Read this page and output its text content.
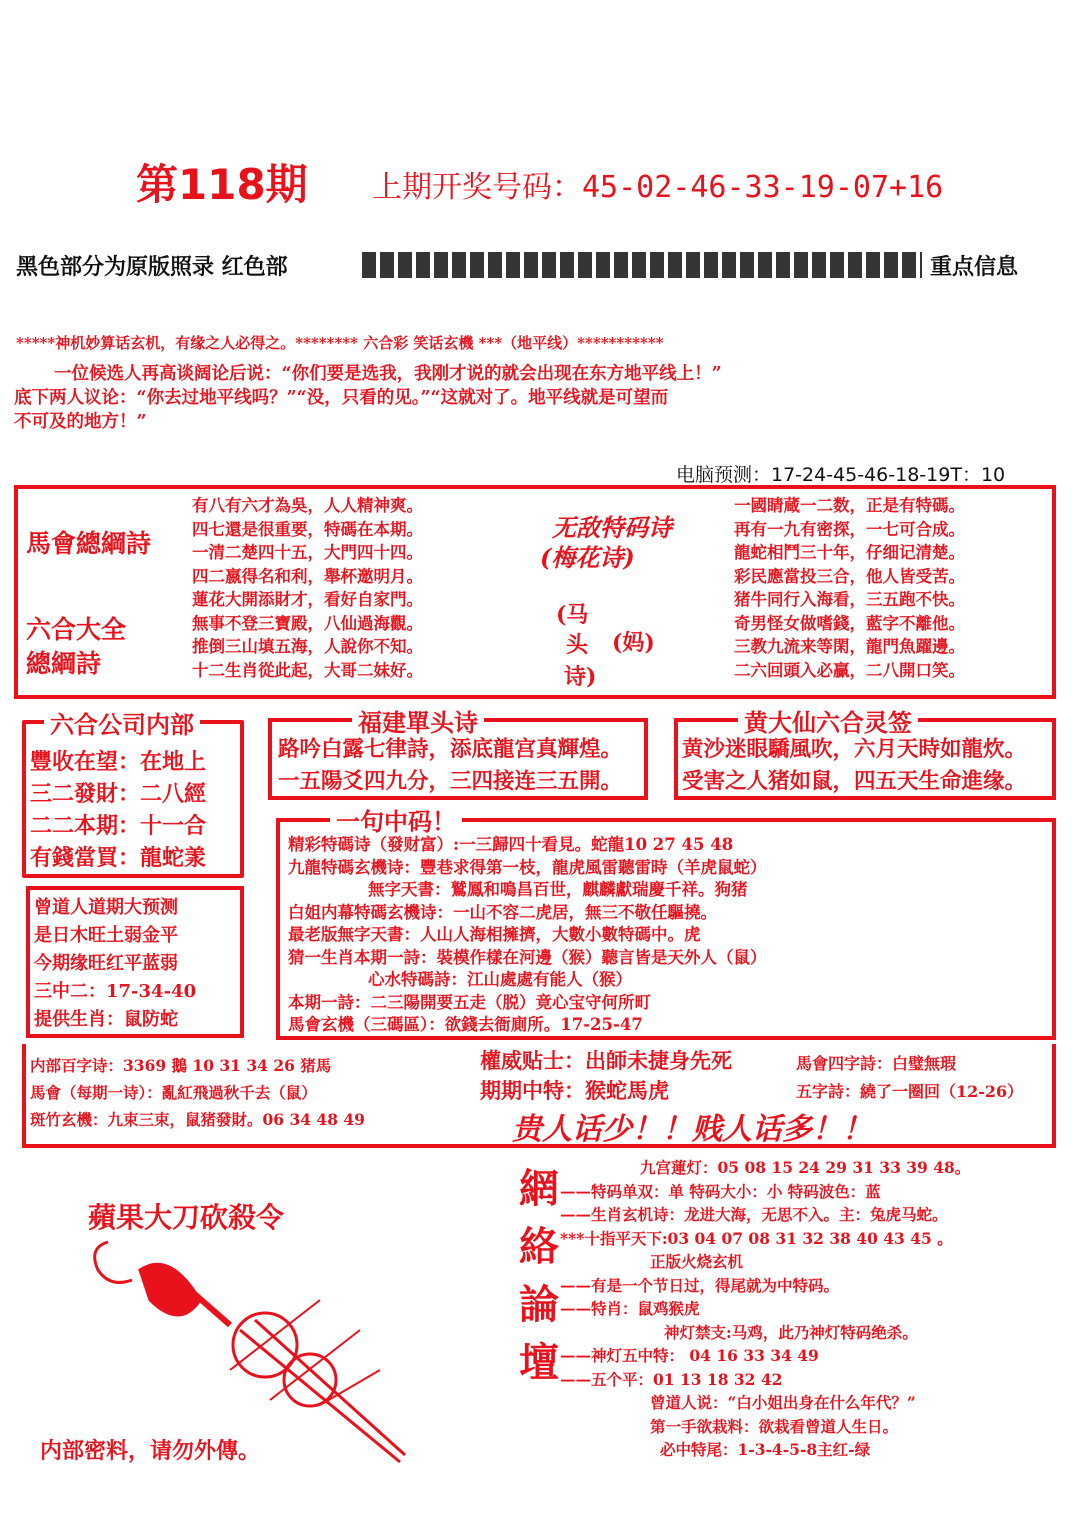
第118期 上期开奖号码：45-02-46-33-19-07+16
黑色部分为原版照录 红色部	重点信息
*****神机妙算话玄机，有缘之人必得之。******** 六合彩 笑话玄機 ***（地平线）***********
一位候选人再高谈阔论后说：“你们要是选我，我刚才说的就会出现在东方地平线上！”
底下两人议论：“你去过地平线吗？”“没，只看的见。”“这就对了。地平线就是可望而
不可及的地方！”
电脑预测：17-24-45-46-18-19T：10
馬會總綱詩
六合大全
總綱詩
有八有六才為吳，人人精神爽。
四七還是很重要，特碼在本期。
一清二楚四十五，大門四十四。
四二嬴得名和利，舉杯邀明月。
蓮花大開添財才，看好自家門。
無事不登三寶殿，八仙過海觀。
推倒三山填五海，人說你不知。
十二生肖從此起，大哥二妹好。
无敌特码诗
(梅花诗)
(马
头 (妈)
诗)
一國睛蔵一二数，正是有特碼。
再有一九有密探，一七可合成。
龍蛇相鬥三十年，仔细记清楚。
彩民應當投三合，他人皆受苦。
猪牛同行入海看，三五跑不快。
奇男怪女做嗜錢，藍字不離他。
三教九流来等閑，龍門魚躍邊。
二六回頭入必贏，二八開口笑。
六合公司内部
豐收在望：在地上
三二發財：二八經
二二本期：十一合
有錢當買：龍蛇羕
福建單头诗
路吟白露七律詩，添底龍宫真輝煌。
一五陽爻四九分，三四接连三五開。
黄大仙六合灵签
黄沙迷眼驕風吹，六月天時如龍炊。
受害之人猪如鼠，四五天生命進缘。
曾道人道期大预测
是日木旺土弱金平
今期缘旺红平蓝弱
三中二：17-34-40
提供生肖：鼠防蛇
一句中码！
精彩特碼诗（發财富）:一三歸四十看見。蛇龍10 27 45 48
九龍特碼玄機诗：豐巷求得第一枝，龍虎風雷聽雷時（羊虎鼠蛇）
無字天書：鷲鳳和鳴昌百世，麒麟獻瑞慶千祥。狗猪
白姐内幕特碼玄機诗：一山不容二虎居，無三不敬任驅撓。
最老版無字天書：人山人海相擁擠，大數小數特碼中。虎
猜一生肖本期一詩：裝模作樣在河邊（猴）聽言皆是天外人（鼠）
心水特碼詩：江山處處有能人（猴）
本期一詩：二三陽開要五走（脱）竟心宝守何所町
馬會玄機（三碼區）：欲錢去衙廁所。17-25-47
内部百字诗：3369 鵝 10 31 34 26 猪馬
馬會（每期一诗）：亂紅飛過秋千去（鼠）
斑竹玄機：九束三束，鼠猪發財。06 34 48 49
權威贴士：出師未捷身先死
期期中特：猴蛇馬虎
馬會四字詩：白璧無瑕
五字詩：繞了一圈回（12-26）
贵人话少！！贱人话多！！
蘋果大刀砍殺令
内部密料，请勿外傳。
網
絡
論
壇
九宫蓮灯：05 08 15 24 29 31 33 39 48。
——特码单双：单 特码大小：小 特码波色：蓝
——生肖玄机诗：龙进大海，无思不入。主：兔虎马蛇。
***十指平天下:03 04 07 08 31 32 38 40 43 45 。
正版火烧玄机
——有是一个节日过，得尾就为中特码。
——特肖：鼠鸡猴虎
神灯禁支:马鸡，此乃神灯特码绝杀。
——神灯五中特： 04 16 33 34 49
——五个平：01 13 18 32 42
曾道人说：“白小姐出身在什么年代？”
第一手欲栽料：欲栽看曾道人生日。
必中特尾：1-3-4-5-8主红-绿
